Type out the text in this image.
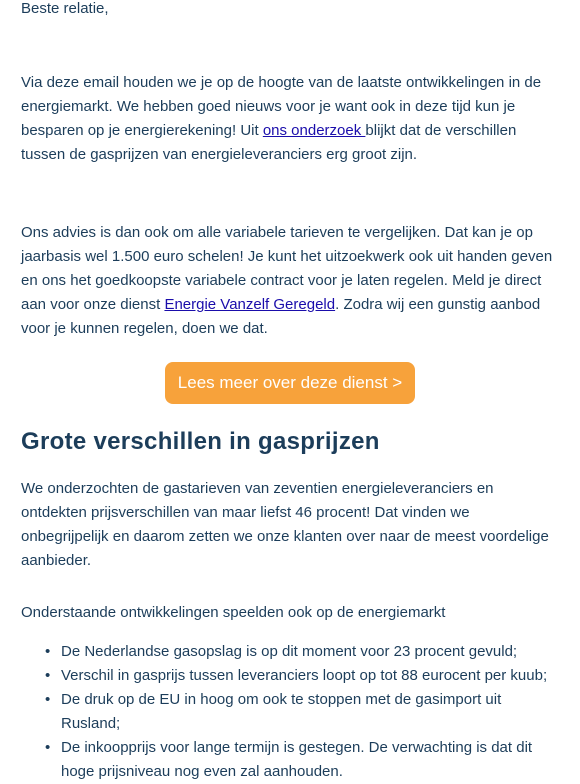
Beste relatie,

Via deze email houden we je op de hoogte van de laatste ontwikkelingen in de energiemarkt. We hebben goed nieuws voor je want ook in deze tijd kun je besparen op je energierekening! Uit ons onderzoek blijkt dat de verschillen tussen de gasprijzen van energieleveranciers erg groot zijn.

Ons advies is dan ook om alle variabele tarieven te vergelijken. Dat kan je op jaarbasis wel 1.500 euro schelen! Je kunt het uitzoekwerk ook uit handen geven en ons het goedkoopste variabele contract voor je laten regelen. Meld je direct aan voor onze dienst Energie Vanzelf Geregeld. Zodra wij een gunstig aanbod voor je kunnen regelen, doen we dat.

Lees meer over deze dienst >
Grote verschillen in gasprijzen

We onderzochten de gastarieven van zeventien energieleveranciers en ontdekten prijsverschillen van maar liefst 46 procent! Dat vinden we onbegrijpelijk en daarom zetten we onze klanten over naar de meest voordelige aanbieder.

Onderstaande ontwikkelingen speelden ook op de energiemarkt

• De Nederlandse gasopslag is op dit moment voor 23 procent gevuld;
• Verschil in gasprijs tussen leveranciers loopt op tot 88 eurocent per kuub;
• De druk op de EU in hoog om ook te stoppen met de gasimport uit Rusland;
• De inkoopprijs voor lange termijn is gestegen. De verwachting is dat dit hoge prijsniveau nog even zal aanhouden.
